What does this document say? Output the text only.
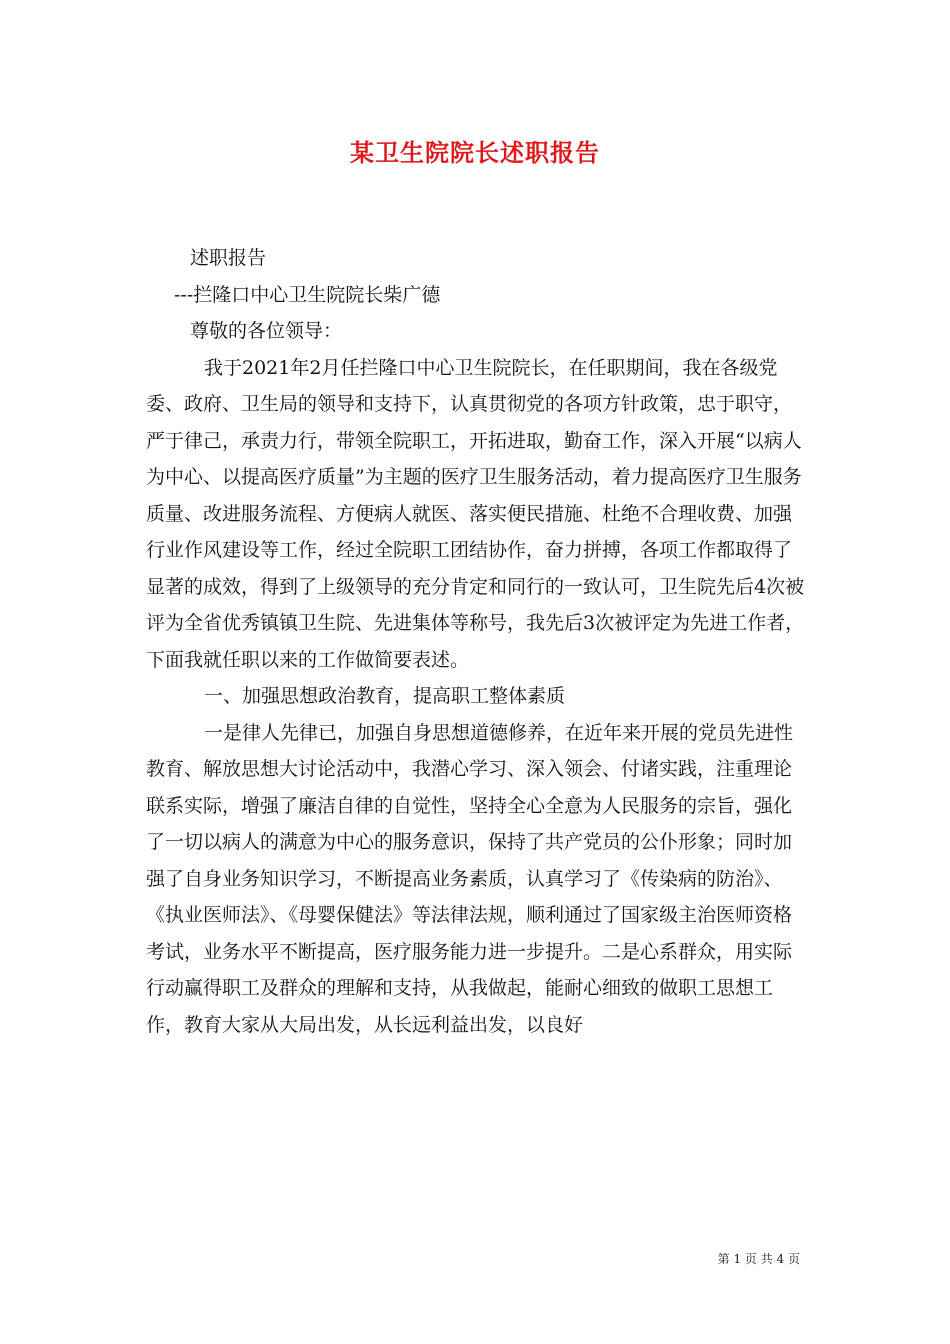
某卫生院院长述职报告

述职报告

---拦隆口中心卫生院院长柴广德

尊敬的各位领导：

我于2021年2月任拦隆口中心卫生院院长，在任职期间，我在各级党委、政府、卫生局的领导和支持下，认真贯彻党的各项方针政策，忠于职守，严于律己，承责力行，带领全院职工，开拓进取，勤奋工作，深入开展“以病人为中心、以提高医疗质量”为主题的医疗卫生服务活动，着力提高医疗卫生服务质量、改进服务流程、方便病人就医、落实便民措施、杜绝不合理收费、加强行业作风建设等工作，经过全院职工团结协作，奋力拼搏，各项工作都取得了显著的成效，得到了上级领导的充分肯定和同行的一致认可，卫生院先后4次被评为全省优秀镇镇卫生院、先进集体等称号，我先后3次被评定为先进工作者，下面我就任职以来的工作做简要表述。

一、加强思想政治教育，提高职工整体素质

一是律人先律已，加强自身思想道德修养，在近年来开展的党员先进性教育、解放思想大讨论活动中，我潜心学习、深入领会、付诸实践，注重理论联系实际，增强了廉洁自律的自觉性，坚持全心全意为人民服务的宗旨，强化了一切以病人的满意为中心的服务意识，保持了共产党员的公仆形象；同时加强了自身业务知识学习，不断提高业务素质，认真学习了《传染病的防治》、《执业医师法》、《母婴保健法》等法律法规，顺利通过了国家级主治医师资格考试，业务水平不断提高，医疗服务能力进一步提升。二是心系群众，用实际行动赢得职工及群众的理解和支持，从我做起，能耐心细致的做职工思想工作，教育大家从大局出发，从长远利益出发，以良好

第 1 页 共 4 页
